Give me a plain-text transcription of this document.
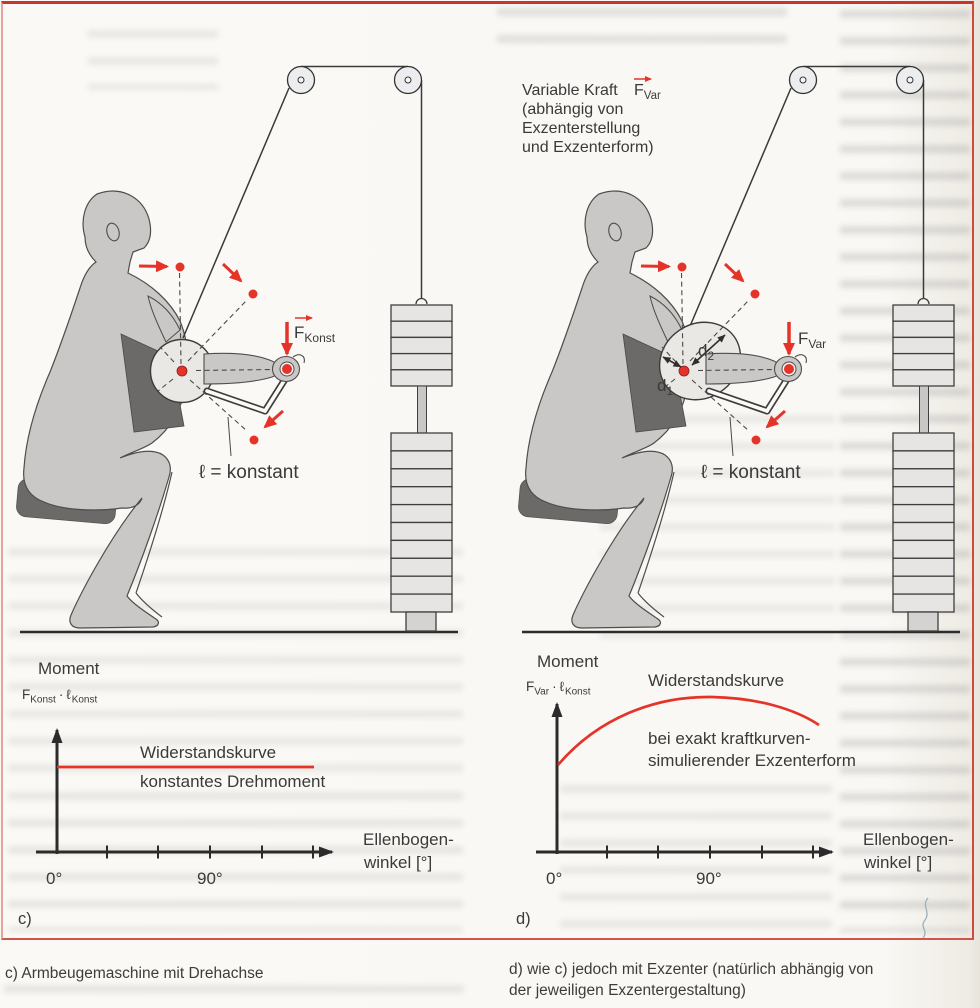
$F_{Konst}$
ℓ = konstant
$d_2$
$d_1$
$F_{Var}$
ℓ = konstant
Variable Kraft $F_{Var}$
(abhängig von
Exzenterstellung
und Exzenterform)
Moment
$F_{Konst}$ · ℓ$_{Konst}$
Widerstandskurve
konstantes Drehmoment
0°	90°
Ellenbogen-
winkel [°]
Moment
$F_{Var}$ · ℓ$_{Konst}$
Widerstandskurve
bei exakt kraftkurven-
simulierender Exzenterform
0°	90°
Ellenbogen-
winkel [°]
c)	d)
c) Armbeugemaschine mit Drehachse	d) wie c) jedoch mit Exzenter (natürlich abhängig von
der jeweiligen Exzentergestaltung)
